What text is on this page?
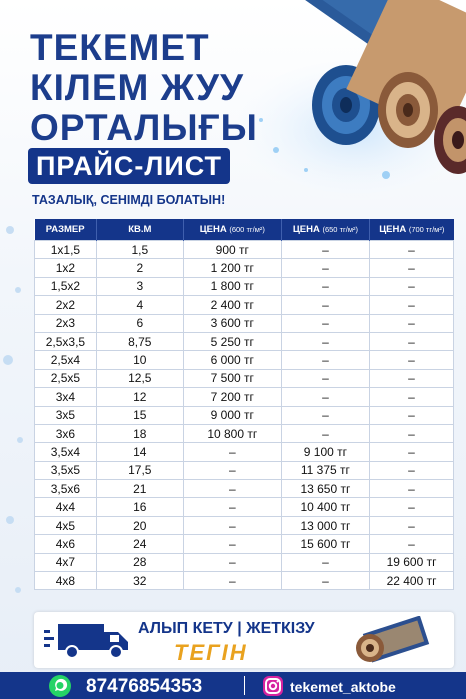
ТЕКЕМЕТ
КІЛЕМ ЖУУ
ОРТАЛЫҒЫ
ПРАЙС-ЛИСТ
ТАЗАЛЫҚ, СЕНІМДІ БОЛАТЫН!
РАЗМЕР	КВ.М	ЦЕНА (600 тг/м²)	ЦЕНА (650 тг/м²)	ЦЕНА (700 тг/м²)
1х1,5	1,5	900 тг	–	–
1х2	2	1 200 тг	–	–
1,5х2	3	1 800 тг	–	–
2х2	4	2 400 тг	–	–
2х3	6	3 600 тг	–	–
2,5х3,5	8,75	5 250 тг	–	–
2,5х4	10	6 000 тг	–	–
2,5х5	12,5	7 500 тг	–	–
3х4	12	7 200 тг	–	–
3х5	15	9 000 тг	–	–
3х6	18	10 800 тг	–	–
3,5х4	14	–	9 100 тг	–
3,5х5	17,5	–	11 375 тг	–
3,5х6	21	–	13 650 тг	–
4х4	16	–	10 400 тг	–
4х5	20	–	13 000 тг	–
4х6	24	–	15 600 тг	–
4х7	28	–	–	19 600 тг
4х8	32	–	–	22 400 тг
АЛЫП КЕТУ | ЖЕТКІЗУ
ТЕГІН
87476854353	tekemet_aktobe
